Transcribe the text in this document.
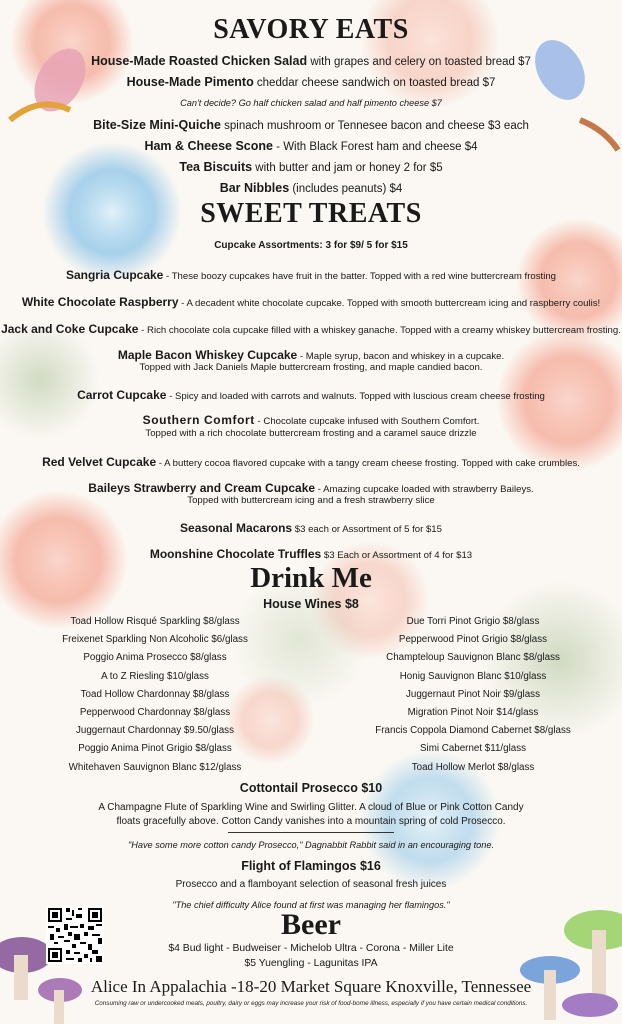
SAVORY EATS
House-Made Roasted Chicken Salad with grapes and celery on toasted bread $7
House-Made Pimento cheddar cheese sandwich on toasted bread $7
Can't decide? Go half chicken salad and half pimento cheese $7
Bite-Size Mini-Quiche spinach mushroom or Tennesee bacon and cheese $3 each
Ham & Cheese Scone - With Black Forest ham and cheese $4
Tea Biscuits with butter and jam or honey 2 for $5
Bar Nibbles (includes peanuts) $4
SWEET TREATS
Cupcake Assortments: 3 for $9/ 5 for $15
Sangria Cupcake - These boozy cupcakes have fruit in the batter. Topped with a red wine buttercream frosting
White Chocolate Raspberry - A decadent white chocolate cupcake. Topped with smooth buttercream icing and raspberry coulis!
Jack and Coke Cupcake - Rich chocolate cola cupcake filled with a whiskey ganache. Topped with a creamy whiskey buttercream frosting.
Maple Bacon Whiskey Cupcake - Maple syrup, bacon and whiskey in a cupcake.
Topped with Jack Daniels Maple buttercream frosting, and maple candied bacon.
Carrot Cupcake - Spicy and loaded with carrots and walnuts. Topped with luscious cream cheese frosting
Southern Comfort - Chocolate cupcake infused with Southern Comfort.
Topped with a rich chocolate buttercream frosting and a caramel sauce drizzle
Red Velvet Cupcake - A buttery cocoa flavored cupcake with a tangy cream cheese frosting. Topped with cake crumbles.
Baileys Strawberry and Cream Cupcake - Amazing cupcake loaded with strawberry Baileys.
Topped with buttercream icing and a fresh strawberry slice
Seasonal Macarons $3 each or Assortment of 5 for $15
Moonshine Chocolate Truffles $3 Each or Assortment of 4 for $13
Drink Me
House Wines $8
Toad Hollow Risqué Sparkling $8/glass
Freixenet Sparkling Non Alcoholic $6/glass
Poggio Anima Prosecco $8/glass
A to Z Riesling $10/glass
Toad Hollow Chardonnay $8/glass
Pepperwood Chardonnay $8/glass
Juggernaut Chardonnay $9.50/glass
Poggio Anima Pinot Grigio $8/glass
Whitehaven Sauvignon Blanc $12/glass
Due Torri Pinot Grigio $8/glass
Pepperwood Pinot Grigio $8/glass
Champteloup Sauvignon Blanc $8/glass
Honig Sauvignon Blanc $10/glass
Juggernaut Pinot Noir $9/glass
Migration Pinot Noir $14/glass
Francis Coppola Diamond Cabernet $8/glass
Simi Cabernet $11/glass
Toad Hollow Merlot $8/glass
Cottontail Prosecco $10
A Champagne Flute of Sparkling Wine and Swirling Glitter. A cloud of Blue or Pink Cotton Candy
floats gracefully above. Cotton Candy vanishes into a mountain spring of cold Prosecco.
"Have some more cotton candy Prosecco," Dagnabbit Rabbit said in an encouraging tone.
Flight of Flamingos $16
Prosecco and a flamboyant selection of seasonal fresh juices
"The chief difficulty Alice found at first was managing her flamingos."
Beer
$4 Bud light - Budweiser - Michelob Ultra - Corona - Miller Lite
$5 Yuengling - Lagunitas IPA
Alice In Appalachia -18-20 Market Square Knoxville, Tennessee
Consuming raw or undercooked meats, poultry, dairy or eggs may increase your risk of food-borne illness, especially if you have certain medical conditions.
